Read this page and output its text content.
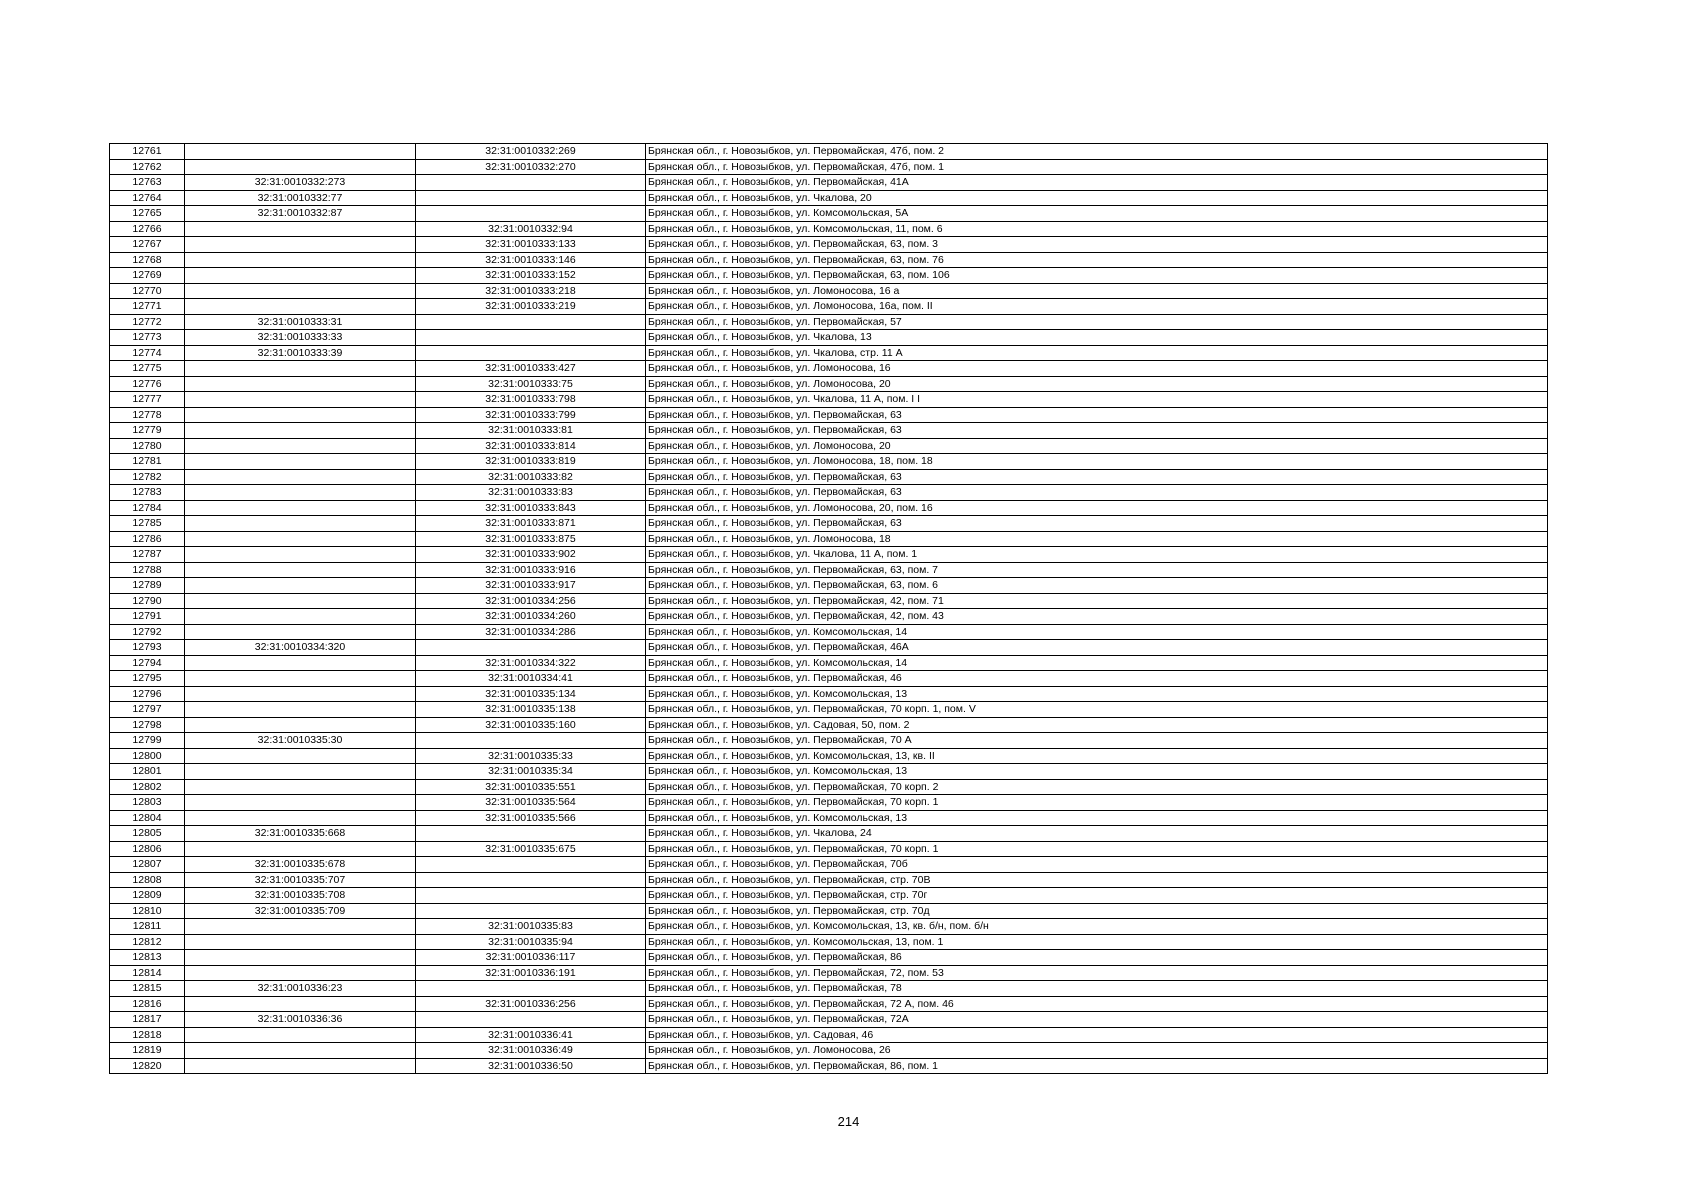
12761		32:31:0010332:269	Брянская обл., г. Новозыбков, ул. Первомайская, 47б, пом. 2
12762		32:31:0010332:270	Брянская обл., г. Новозыбков, ул. Первомайская, 47б, пом. 1
12763	32:31:0010332:273		Брянская обл., г. Новозыбков, ул. Первомайская, 41А
12764	32:31:0010332:77		Брянская обл., г. Новозыбков, ул. Чкалова, 20
12765	32:31:0010332:87		Брянская обл., г. Новозыбков, ул. Комсомольская, 5А
12766		32:31:0010332:94	Брянская обл., г. Новозыбков, ул. Комсомольская, 11, пом. 6
12767		32:31:0010333:133	Брянская обл., г. Новозыбков, ул. Первомайская, 63, пом. 3
12768		32:31:0010333:146	Брянская обл., г. Новозыбков, ул. Первомайская, 63, пом. 76
12769		32:31:0010333:152	Брянская обл., г. Новозыбков, ул. Первомайская, 63, пом. 106
12770		32:31:0010333:218	Брянская обл., г. Новозыбков, ул. Ломоносова, 16 а
12771		32:31:0010333:219	Брянская обл., г. Новозыбков, ул. Ломоносова, 16а, пом. II
12772	32:31:0010333:31		Брянская обл., г. Новозыбков, ул. Первомайская, 57
12773	32:31:0010333:33		Брянская обл., г. Новозыбков, ул. Чкалова, 13
12774	32:31:0010333:39		Брянская обл., г. Новозыбков, ул. Чкалова, стр. 11 А
12775		32:31:0010333:427	Брянская обл., г. Новозыбков, ул. Ломоносова, 16
12776		32:31:0010333:75	Брянская обл., г. Новозыбков, ул. Ломоносова, 20
12777		32:31:0010333:798	Брянская обл., г. Новозыбков, ул. Чкалова, 11 А, пом. I I
12778		32:31:0010333:799	Брянская обл., г. Новозыбков, ул. Первомайская, 63
12779		32:31:0010333:81	Брянская обл., г. Новозыбков, ул. Первомайская, 63
12780		32:31:0010333:814	Брянская обл., г. Новозыбков, ул. Ломоносова, 20
12781		32:31:0010333:819	Брянская обл., г. Новозыбков, ул. Ломоносова, 18, пом. 18
12782		32:31:0010333:82	Брянская обл., г. Новозыбков, ул. Первомайская, 63
12783		32:31:0010333:83	Брянская обл., г. Новозыбков, ул. Первомайская, 63
12784		32:31:0010333:843	Брянская обл., г. Новозыбков, ул. Ломоносова, 20, пом. 16
12785		32:31:0010333:871	Брянская обл., г. Новозыбков, ул. Первомайская, 63
12786		32:31:0010333:875	Брянская обл., г. Новозыбков, ул. Ломоносова, 18
12787		32:31:0010333:902	Брянская обл., г. Новозыбков, ул. Чкалова, 11 А, пом. 1
12788		32:31:0010333:916	Брянская обл., г. Новозыбков, ул. Первомайская, 63, пом. 7
12789		32:31:0010333:917	Брянская обл., г. Новозыбков, ул. Первомайская, 63, пом. 6
12790		32:31:0010334:256	Брянская обл., г. Новозыбков, ул. Первомайская, 42, пом. 71
12791		32:31:0010334:260	Брянская обл., г. Новозыбков, ул. Первомайская, 42, пом. 43
12792		32:31:0010334:286	Брянская обл., г. Новозыбков, ул. Комсомольская, 14
12793	32:31:0010334:320		Брянская обл., г. Новозыбков, ул. Первомайская, 46А
12794		32:31:0010334:322	Брянская обл., г. Новозыбков, ул. Комсомольская, 14
12795		32:31:0010334:41	Брянская обл., г. Новозыбков, ул. Первомайская, 46
12796		32:31:0010335:134	Брянская обл., г. Новозыбков, ул. Комсомольская, 13
12797		32:31:0010335:138	Брянская обл., г. Новозыбков, ул. Первомайская, 70 корп. 1, пом. V
12798		32:31:0010335:160	Брянская обл., г. Новозыбков, ул. Садовая, 50, пом. 2
12799	32:31:0010335:30		Брянская обл., г. Новозыбков, ул. Первомайская, 70 А
12800		32:31:0010335:33	Брянская обл., г. Новозыбков, ул. Комсомольская, 13, кв. II
12801		32:31:0010335:34	Брянская обл., г. Новозыбков, ул. Комсомольская, 13
12802		32:31:0010335:551	Брянская обл., г. Новозыбков, ул. Первомайская, 70 корп. 2
12803		32:31:0010335:564	Брянская обл., г. Новозыбков, ул. Первомайская, 70 корп. 1
12804		32:31:0010335:566	Брянская обл., г. Новозыбков, ул. Комсомольская, 13
12805	32:31:0010335:668		Брянская обл., г. Новозыбков, ул. Чкалова, 24
12806		32:31:0010335:675	Брянская обл., г. Новозыбков, ул. Первомайская, 70 корп. 1
12807	32:31:0010335:678		Брянская обл., г. Новозыбков, ул. Первомайская, 70б
12808	32:31:0010335:707		Брянская обл., г. Новозыбков, ул. Первомайская, стр. 70В
12809	32:31:0010335:708		Брянская обл., г. Новозыбков, ул. Первомайская, стр. 70г
12810	32:31:0010335:709		Брянская обл., г. Новозыбков, ул. Первомайская, стр. 70д
12811		32:31:0010335:83	Брянская обл., г. Новозыбков, ул. Комсомольская, 13, кв. б/н, пом. б/н
12812		32:31:0010335:94	Брянская обл., г. Новозыбков, ул. Комсомольская, 13, пом. 1
12813		32:31:0010336:117	Брянская обл., г. Новозыбков, ул. Первомайская, 86
12814		32:31:0010336:191	Брянская обл., г. Новозыбков, ул. Первомайская, 72, пом. 53
12815	32:31:0010336:23		Брянская обл., г. Новозыбков, ул. Первомайская, 78
12816		32:31:0010336:256	Брянская обл., г. Новозыбков, ул. Первомайская, 72 А, пом. 46
12817	32:31:0010336:36		Брянская обл., г. Новозыбков, ул. Первомайская, 72А
12818		32:31:0010336:41	Брянская обл., г. Новозыбков, ул. Садовая, 46
12819		32:31:0010336:49	Брянская обл., г. Новозыбков, ул. Ломоносова, 26
12820		32:31:0010336:50	Брянская обл., г. Новозыбков, ул. Первомайская, 86, пом. 1
214
